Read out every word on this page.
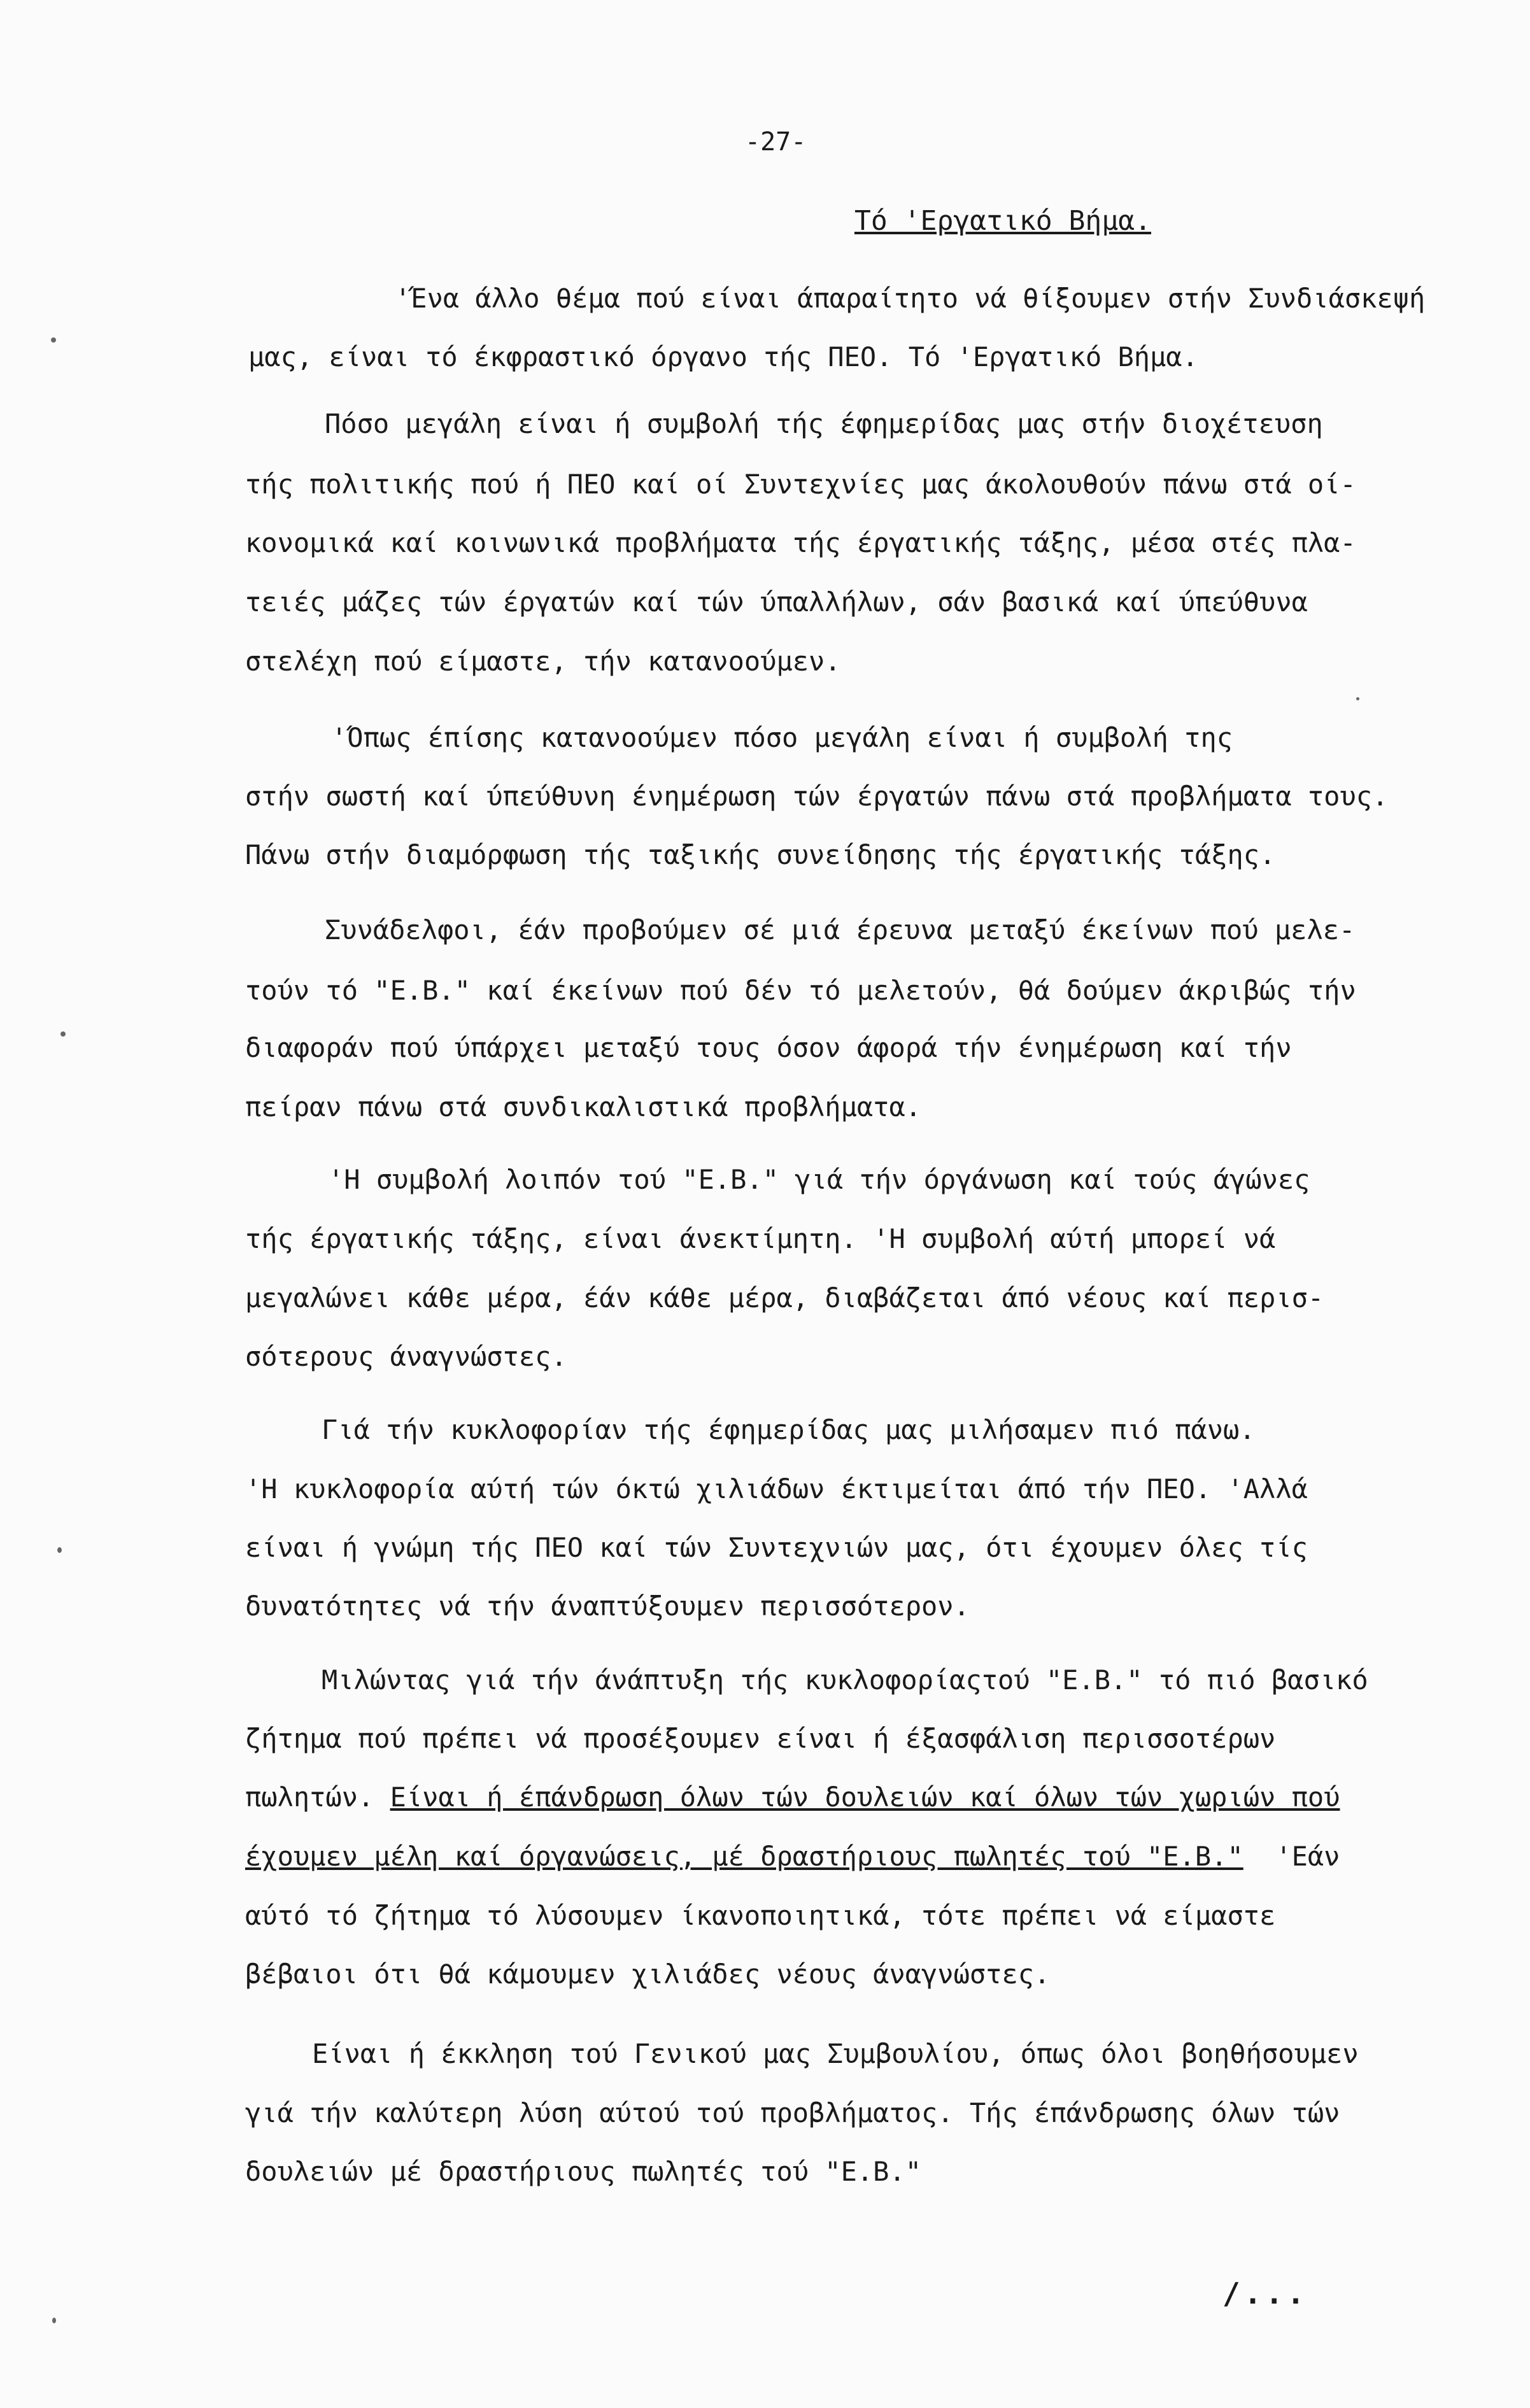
-27-
Τό 'Εργατικό Βήμα.
'Ένα άλλο θέμα πού είναι άπαραίτητο νά θίξουμεν στήν Συνδιάσκεψή
μας, είναι τό έκφραστικό όργανο τής ΠΕΟ. Τό 'Εργατικό Βήμα.
Πόσο μεγάλη είναι ή συμβολή τής έφημερίδας μας στήν διοχέτευση
τής πολιτικής πού ή ΠΕΟ καί οί Συντεχνίες μας άκολουθούν πάνω στά οί-
κονομικά καί κοινωνικά προβλήματα τής έργατικής τάξης, μέσα στές πλα-
τειές μάζες τών έργατών καί τών ύπαλλήλων, σάν βασικά καί ύπεύθυνα
στελέχη πού είμαστε, τήν κατανοούμεν.
'Όπως έπίσης κατανοούμεν πόσο μεγάλη είναι ή συμβολή της
στήν σωστή καί ύπεύθυνη ένημέρωση τών έργατών πάνω στά προβλήματα τους.
Πάνω στήν διαμόρφωση τής ταξικής συνείδησης τής έργατικής τάξης.
Συνάδελφοι, έάν προβούμεν σέ μιά έρευνα μεταξύ έκείνων πού μελε-
τούν τό "Ε.Β." καί έκείνων πού δέν τό μελετούν, θά δούμεν άκριβώς τήν
διαφοράν πού ύπάρχει μεταξύ τους όσον άφορά τήν ένημέρωση καί τήν
πείραν πάνω στά συνδικαλιστικά προβλήματα.
'Η συμβολή λοιπόν τού "Ε.Β." γιά τήν όργάνωση καί τούς άγώνες
τής έργατικής τάξης, είναι άνεκτίμητη. 'Η συμβολή αύτή μπορεί νά
μεγαλώνει κάθε μέρα, έάν κάθε μέρα, διαβάζεται άπό νέους καί περισ-
σότερους άναγνώστες.
Γιά τήν κυκλοφορίαν τής έφημερίδας μας μιλήσαμεν πιό πάνω.
'Η κυκλοφορία αύτή τών όκτώ χιλιάδων έκτιμείται άπό τήν ΠΕΟ. 'Αλλά
είναι ή γνώμη τής ΠΕΟ καί τών Συντεχνιών μας, ότι έχουμεν όλες τίς
δυνατότητες νά τήν άναπτύξουμεν περισσότερον.
Μιλώντας γιά τήν άνάπτυξη τής κυκλοφορίαςτού "Ε.Β." τό πιό βασικό
ζήτημα πού πρέπει νά προσέξουμεν είναι ή έξασφάλιση περισσοτέρων
πωλητών. Είναι ή έπάνδρωση όλων τών δουλειών καί όλων τών χωριών πού
έχουμεν μέλη καί όργανώσεις, μέ δραστήριους πωλητές τού "Ε.Β." 'Εάν
αύτό τό ζήτημα τό λύσουμεν ίκανοποιητικά, τότε πρέπει νά είμαστε
βέβαιοι ότι θά κάμουμεν χιλιάδες νέους άναγνώστες.
Είναι ή έκκληση τού Γενικού μας Συμβουλίου, όπως όλοι βοηθήσουμεν
γιά τήν καλύτερη λύση αύτού τού προβλήματος. Τής έπάνδρωσης όλων τών
δουλειών μέ δραστήριους πωλητές τού "Ε.Β."
/...
